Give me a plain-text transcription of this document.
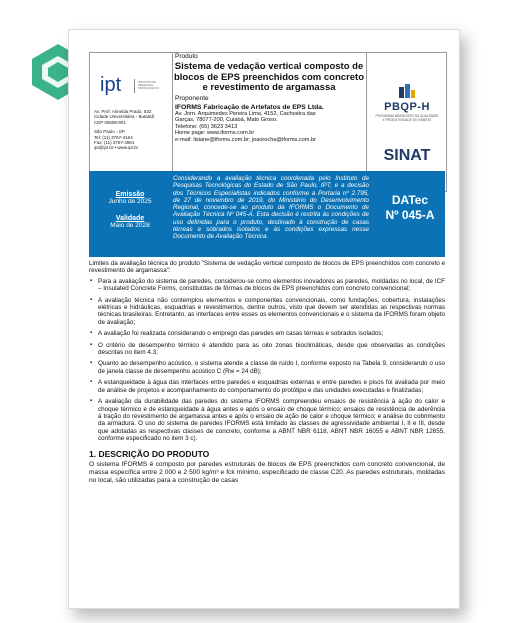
ipt	INSTITUTO DE PESQUISAS TECNOLÓGICAS
Av. Prof. Almeida Prado, 532
Cidade Universitária - Butantã
CEP 05508-901
São Paulo - SP
Tel: (11) 3767-4164
Fax: (11) 3767-4961
ipt@ipt.br • www.ipt.br
Produto
Sistema de vedação vertical composto de blocos de EPS preenchidos com concreto e revestimento de argamassa
Proponente
IFORMS Fabricação de Artefatos de EPS Ltda.
Av. Jorn. Arquimedes Pereira Lima, 4152, Cachoeira das
Garças, 78077-200, Cuiabá, Mato Groso.
Telefone: (65) 3623 3413
Home page: www.iforms.com.br
e-mail: lisiane@iforms.com.br; joaorocha@iforms.com.br
PBQP-H
PROGRAMA BRASILEIRO DA QUALIDADE E PRODUTIVIDADE DO HABITAT
SINAT
Emissão
Junho de 2025
Validade
Maio de 2028
Considerando a avaliação técnica coordenada pelo Instituto de Pesquisas Tecnológicas do Estado de São Paulo, IPT, e a decisão dos Técnicos Especialistas indicados conforme a Portaria nº 2.795, de 27 de novembro de 2019, do Ministério do Desenvolvimento Regional, concede-se ao produto da IFORMS o Documento de Avaliação Técnica Nº 045-A. Esta decisão é restrita às condições de uso definidas para o produto, destinado à construção de casas térreas e sobrados isolados e às condições expressas nesse Documento de Avaliação Técnica.
DATec
Nº 045-A

Limites da avaliação técnica do produto "Sistema de vedação vertical composto de blocos de EPS preenchidos com concreto e revestimento de argamassa":

▪ Para a avaliação do sistema de paredes, considerou-se como elementos inovadores as paredes, moldadas no local, de ICF – Insulated Concrete Forms, constituídas de fôrmas de blocos de EPS preenchidos com concreto convencional;
▪ A avaliação técnica não contemplou elementos e componentes convencionais, como fundações, cobertura, instalações elétricas e hidráulicas, esquadrias e revestimentos, dentre outros, visto que devem ser atendidas as respectivas normas técnicas brasileiras. Entretanto, as interfaces entre esses os elementos convencionais e o sistema da IFORMS foram objeto de avaliação;
▪ A avaliação foi realizada considerando o emprego das paredes em casas térreas e sobrados isolados;
▪ O critério de desempenho térmico é atendido para as oito zonas bioclimáticas, desde que observadas as condições descritas no item 4.3;
▪ Quanto ao desempenho acústico, o sistema atende a classe de ruído I, conforme exposto na Tabela 9, considerando o uso de janela classe de desempenho acústico C (Rw = 24 dB);
▪ A estanqueidade à água das interfaces entre paredes e esquadrias externas e entre paredes e pisos foi avaliada por meio de análise de projetos e acompanhamento do comportamento do protótipo e das unidades executadas e finalizadas;
▪ A avaliação da durabilidade das paredes do sistema IFORMS compreendeu ensaios de resistência à ação do calor e choque térmico e de estanqueidade à água antes e após o ensaio de choque térmico; ensaios de resistência de aderência à tração do revestimento de argamassa antes e após o ensaio de ação de calor e choque térmico; e análise do cobrimento da armadura. O uso do sistema de paredes IFORMS está limitado às classes de agressividade ambiental I, II e III, desde que adotadas as respectivas classes de concreto, conforme a ABNT NBR 6118, ABNT NBR 16055 e ABNT NBR 12655, conforme especificado no item 3 c).
1. DESCRIÇÃO DO PRODUTO
O sistema IFORMS é composto por paredes estruturais de blocos de EPS preenchidos com concreto convencional, de massa específica entre 2 000 e 2 500 kg/m³ e fck mínimo, especificado de classe C20. As paredes estruturais, moldadas no local, são utilizadas para a construção de casas
